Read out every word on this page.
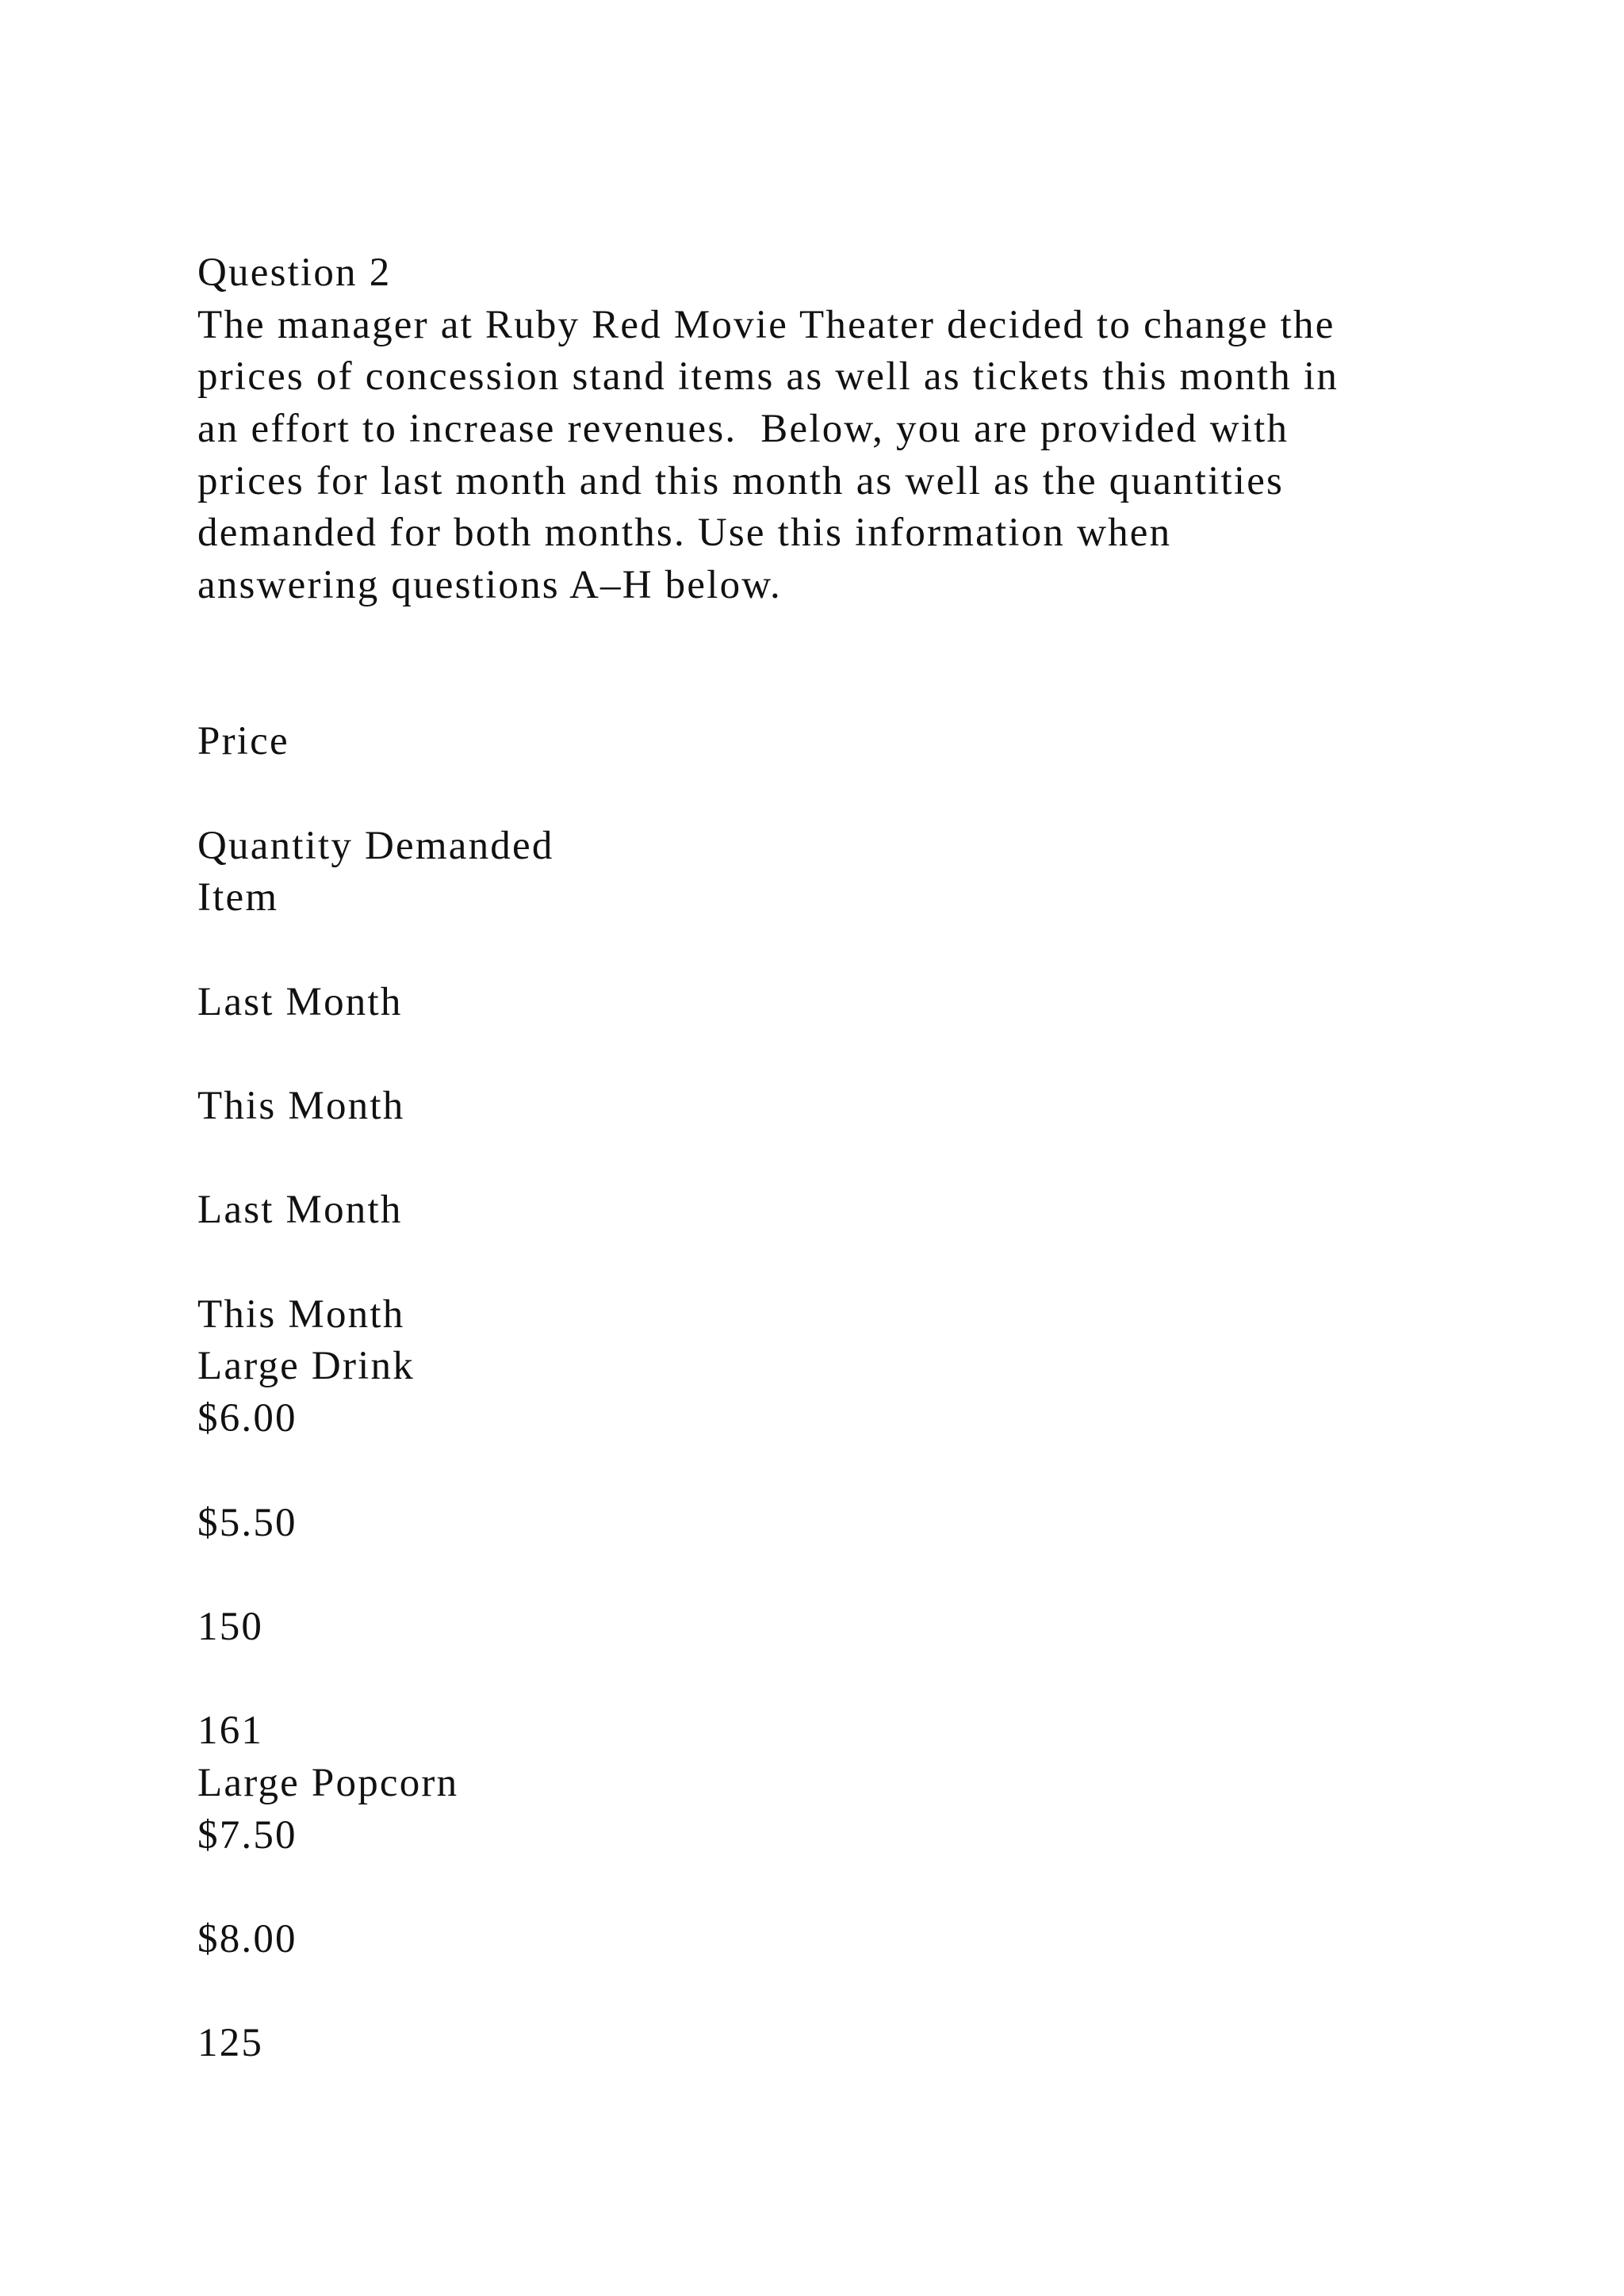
Question 2
The manager at Ruby Red Movie Theater decided to change the
prices of concession stand items as well as tickets this month in
an effort to increase revenues.  Below, you are provided with
prices for last month and this month as well as the quantities
demanded for both months. Use this information when
answering questions A–H below.
Price
Quantity Demanded
Item
Last Month
This Month
Last Month
This Month
Large Drink
$6.00
$5.50
150
161
Large Popcorn
$7.50
$8.00
125
